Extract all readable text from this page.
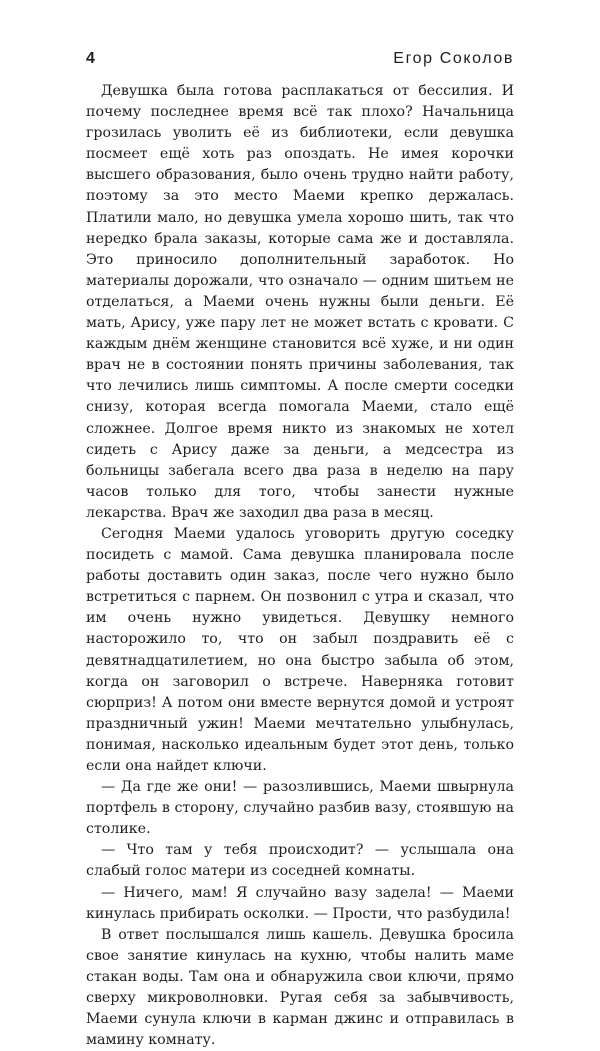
4	Егор Соколов

Девушка была готова расплакаться от бессилия. И почему последнее время всё так плохо? Начальница грозилась уволить её из библиотеки, если девушка посмеет ещё хоть раз опоздать. Не имея корочки высшего образования, было очень трудно найти работу, поэтому за это место Маеми крепко держалась. Платили мало, но девушка умела хорошо шить, так что нередко брала заказы, которые сама же и доставляла. Это приносило дополнительный заработок. Но материалы дорожали, что означало — одним шитьем не отделаться, а Маеми очень нужны были деньги. Её мать, Арису, уже пару лет не может встать с кровати. С каждым днём женщине становится всё хуже, и ни один врач не в состоянии понять причины заболевания, так что лечились лишь симптомы. А после смерти соседки снизу, которая всегда помогала Маеми, стало ещё сложнее. Долгое время никто из знакомых не хотел сидеть с Арису даже за деньги, а медсестра из больницы забегала всего два раза в неделю на пару часов только для того, чтобы занести нужные лекарства. Врач же заходил два раза в месяц.

Сегодня Маеми удалось уговорить другую соседку посидеть с мамой. Сама девушка планировала после работы доставить один заказ, после чего нужно было встретиться с парнем. Он позвонил с утра и сказал, что им очень нужно увидеться. Девушку немного насторожило то, что он забыл поздравить её с девятнадцатилетием, но она быстро забыла об этом, когда он заговорил о встрече. Наверняка готовит сюрприз! А потом они вместе вернутся домой и устроят праздничный ужин! Маеми мечтательно улыбнулась, понимая, насколько идеальным будет этот день, только если она найдет ключи.

— Да где же они! — разозлившись, Маеми швырнула портфель в сторону, случайно разбив вазу, стоявшую на столике.

— Что там у тебя происходит? — услышала она слабый голос матери из соседней комнаты.

— Ничего, мам! Я случайно вазу задела! — Маеми кинулась прибирать осколки. — Прости, что разбудила!

В ответ послышался лишь кашель. Девушка бросила свое занятие кинулась на кухню, чтобы налить маме стакан воды. Там она и обнаружила свои ключи, прямо сверху микроволновки. Ругая себя за забывчивость, Маеми сунула ключи в карман джинс и отправилась в мамину комнату.
